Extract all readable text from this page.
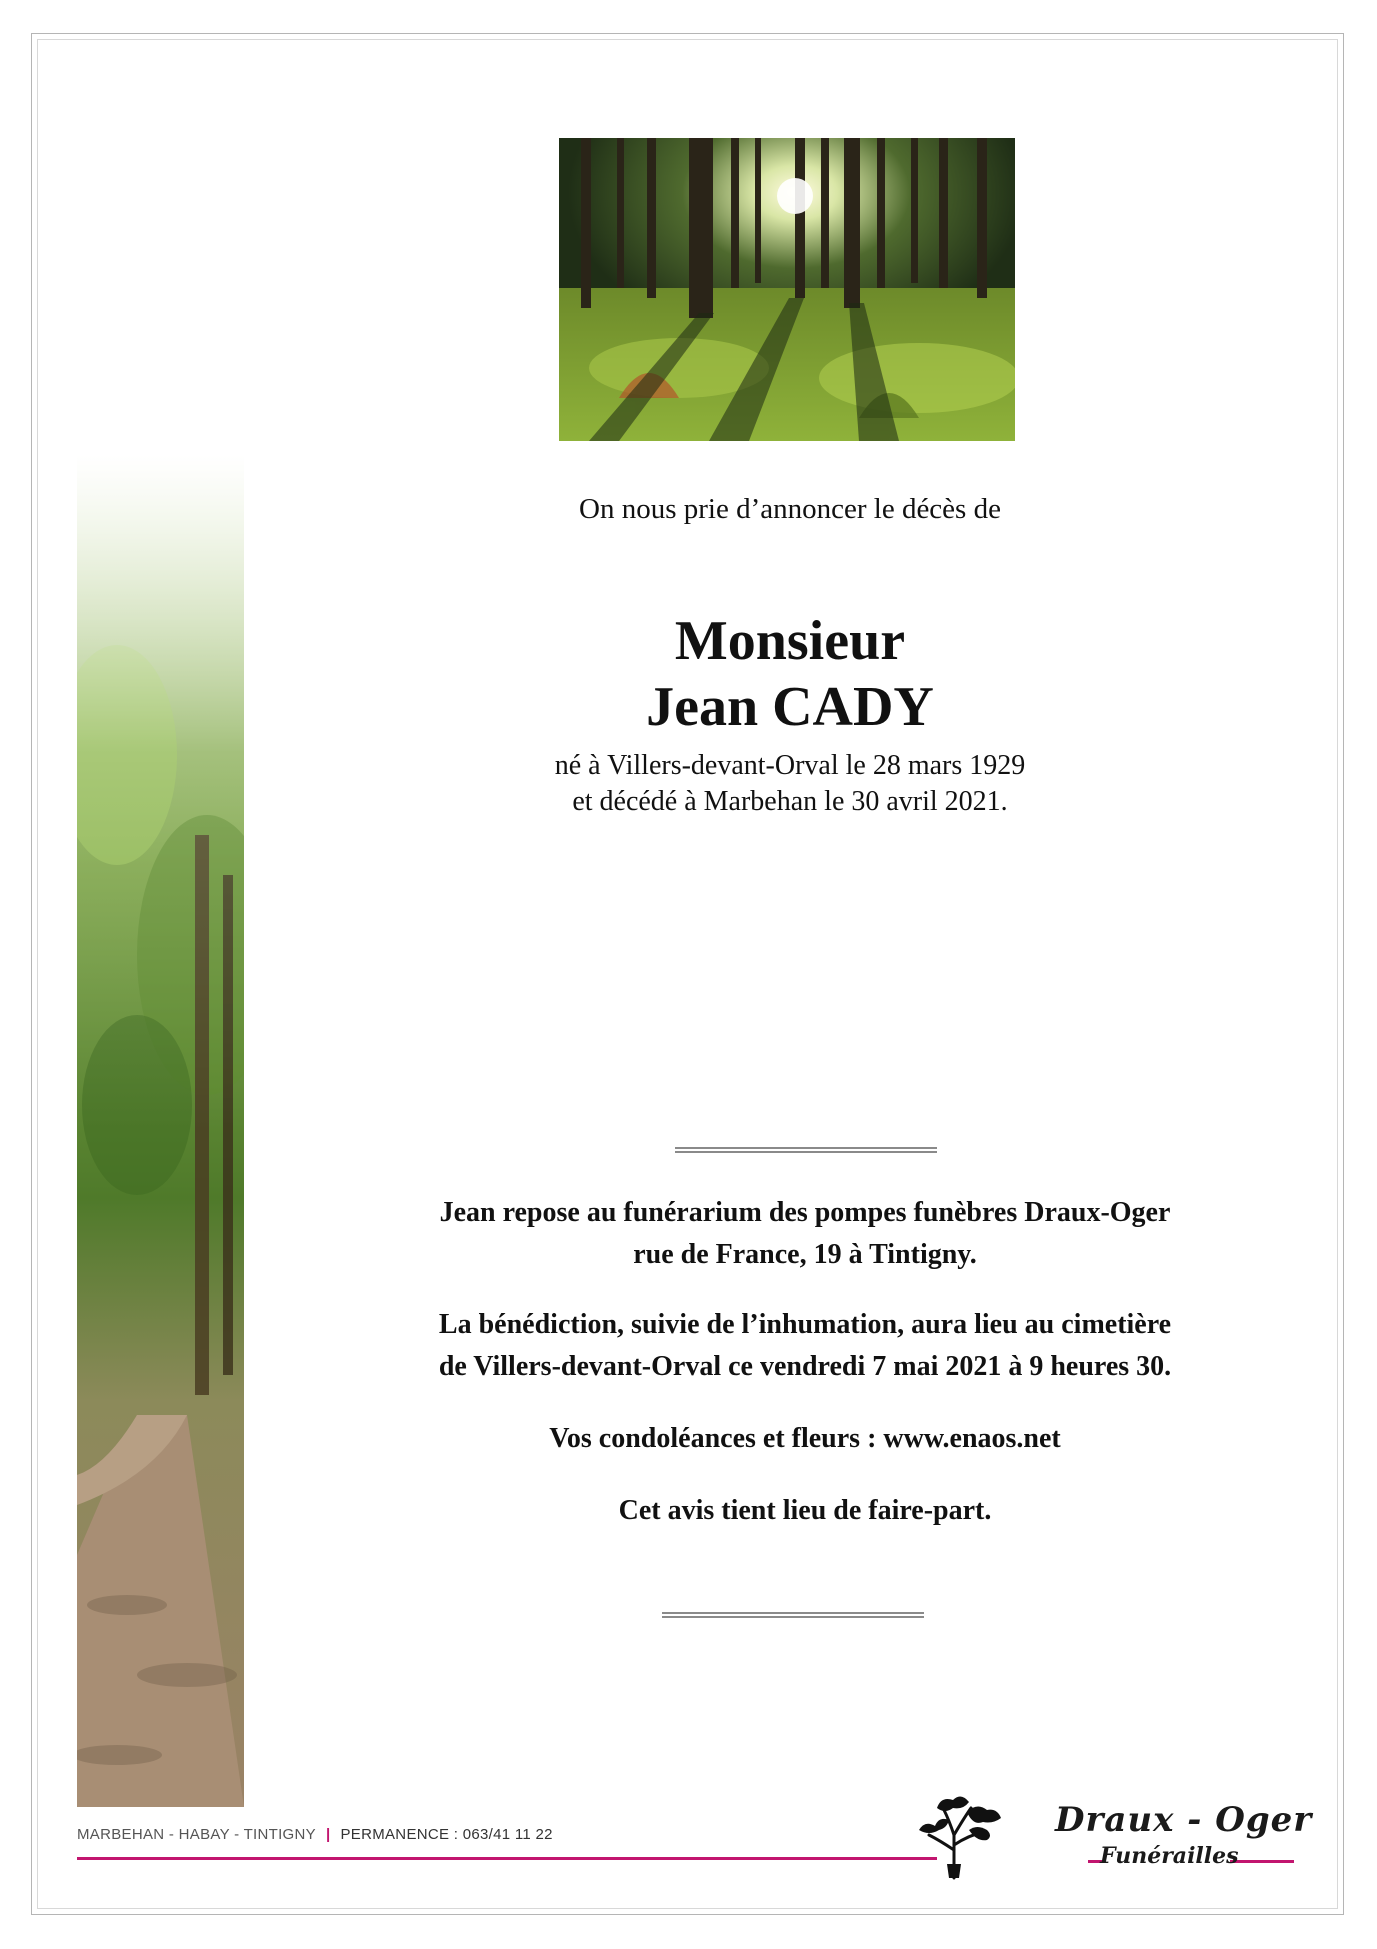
On nous prie d’annoncer le décès de
Monsieur
Jean CADY
né à Villers-devant-Orval le 28 mars 1929
et décédé à Marbehan le 30 avril 2021.
Jean repose au funérarium des pompes funèbres Draux-Oger
rue de France, 19 à Tintigny.
La bénédiction, suivie de l’inhumation, aura lieu au cimetière
de Villers-devant-Orval ce vendredi 7 mai 2021 à 9 heures 30.
Vos condoléances et fleurs : www.enaos.net
Cet avis tient lieu de faire-part.
MARBEHAN - HABAY - TINTIGNY | PERMANENCE : 063/41 11 22	Draux - Oger
Funérailles
